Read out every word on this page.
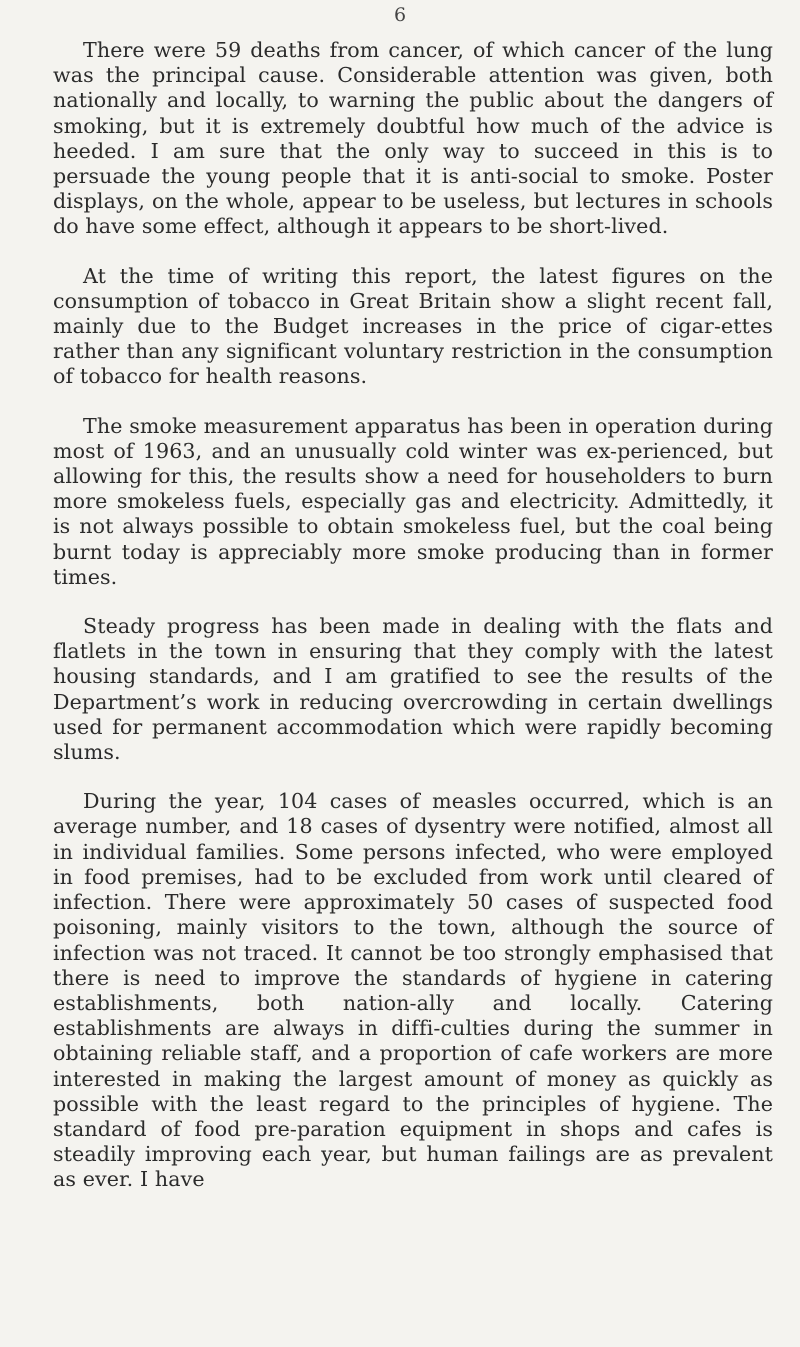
6

There were 59 deaths from cancer, of which cancer of the lung was the principal cause. Considerable attention was given, both nationally and locally, to warning the public about the dangers of smoking, but it is extremely doubtful how much of the advice is heeded. I am sure that the only way to succeed in this is to persuade the young people that it is anti-social to smoke. Poster displays, on the whole, appear to be useless, but lectures in schools do have some effect, although it appears to be short-lived.

At the time of writing this report, the latest figures on the consumption of tobacco in Great Britain show a slight recent fall, mainly due to the Budget increases in the price of cigar-ettes rather than any significant voluntary restriction in the consumption of tobacco for health reasons.

The smoke measurement apparatus has been in operation during most of 1963, and an unusually cold winter was ex-perienced, but allowing for this, the results show a need for householders to burn more smokeless fuels, especially gas and electricity. Admittedly, it is not always possible to obtain smokeless fuel, but the coal being burnt today is appreciably more smoke producing than in former times.

Steady progress has been made in dealing with the flats and flatlets in the town in ensuring that they comply with the latest housing standards, and I am gratified to see the results of the Department’s work in reducing overcrowding in certain dwellings used for permanent accommodation which were rapidly becoming slums.

During the year, 104 cases of measles occurred, which is an average number, and 18 cases of dysentry were notified, almost all in individual families. Some persons infected, who were employed in food premises, had to be excluded from work until cleared of infection. There were approximately 50 cases of suspected food poisoning, mainly visitors to the town, although the source of infection was not traced. It cannot be too strongly emphasised that there is need to improve the standards of hygiene in catering establishments, both nation-ally and locally. Catering establishments are always in diffi-culties during the summer in obtaining reliable staff, and a proportion of cafe workers are more interested in making the largest amount of money as quickly as possible with the least regard to the principles of hygiene. The standard of food pre-paration equipment in shops and cafes is steadily improving each year, but human failings are as prevalent as ever. I have
